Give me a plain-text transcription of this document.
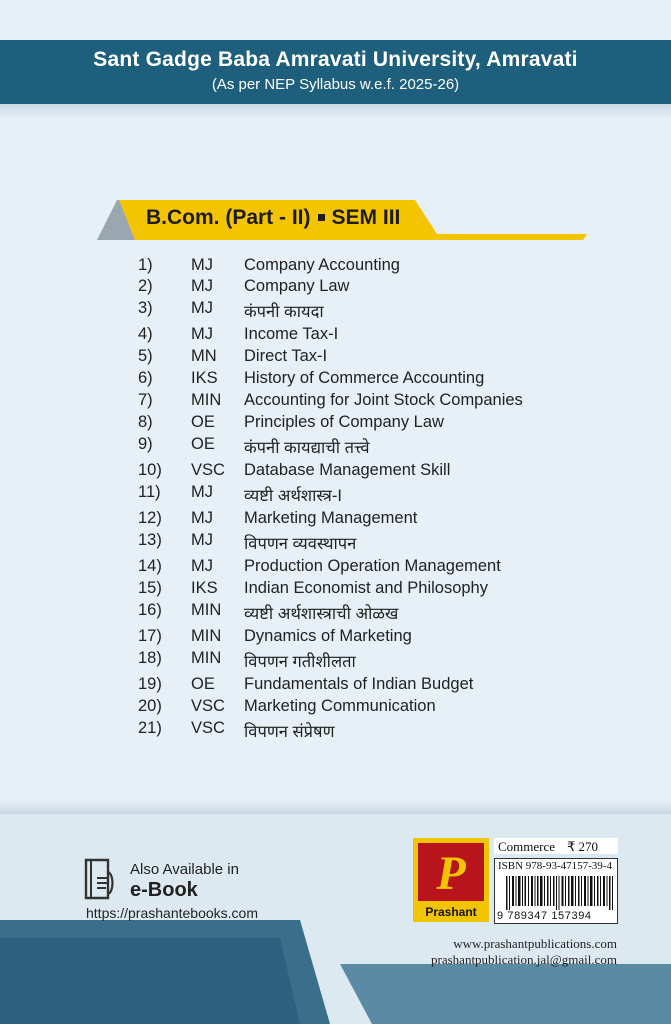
Sant Gadge Baba Amravati University, Amravati
(As per NEP Syllabus w.e.f. 2025-26)
B.Com. (Part - II) SEM III
1) MJ Company Accounting
2) MJ Company Law
3) MJ कंपनी कायदा
4) MJ Income Tax-I
5) MN Direct Tax-I
6) IKS History of Commerce Accounting
7) MIN Accounting for Joint Stock Companies
8) OE Principles of Company Law
9) OE कंपनी कायद्याची तत्त्वे
10) VSC Database Management Skill
11) MJ व्यष्टी अर्थशास्त्र-I
12) MJ Marketing Management
13) MJ विपणन व्यवस्थापन
14) MJ Production Operation Management
15) IKS Indian Economist and Philosophy
16) MIN व्यष्टी अर्थशास्त्राची ओळख
17) MIN Dynamics of Marketing
18) MIN विपणन गतीशीलता
19) OE Fundamentals of Indian Budget
20) VSC Marketing Communication
21) VSC विपणन संप्रेषण
Also Available in
e-Book
https://prashantebooks.com
P
Prashant
Commerce ₹ 270
ISBN 978-93-47157-39-4
9 789347 157394
www.prashantpublications.com
prashantpublication.jal@gmail.com
